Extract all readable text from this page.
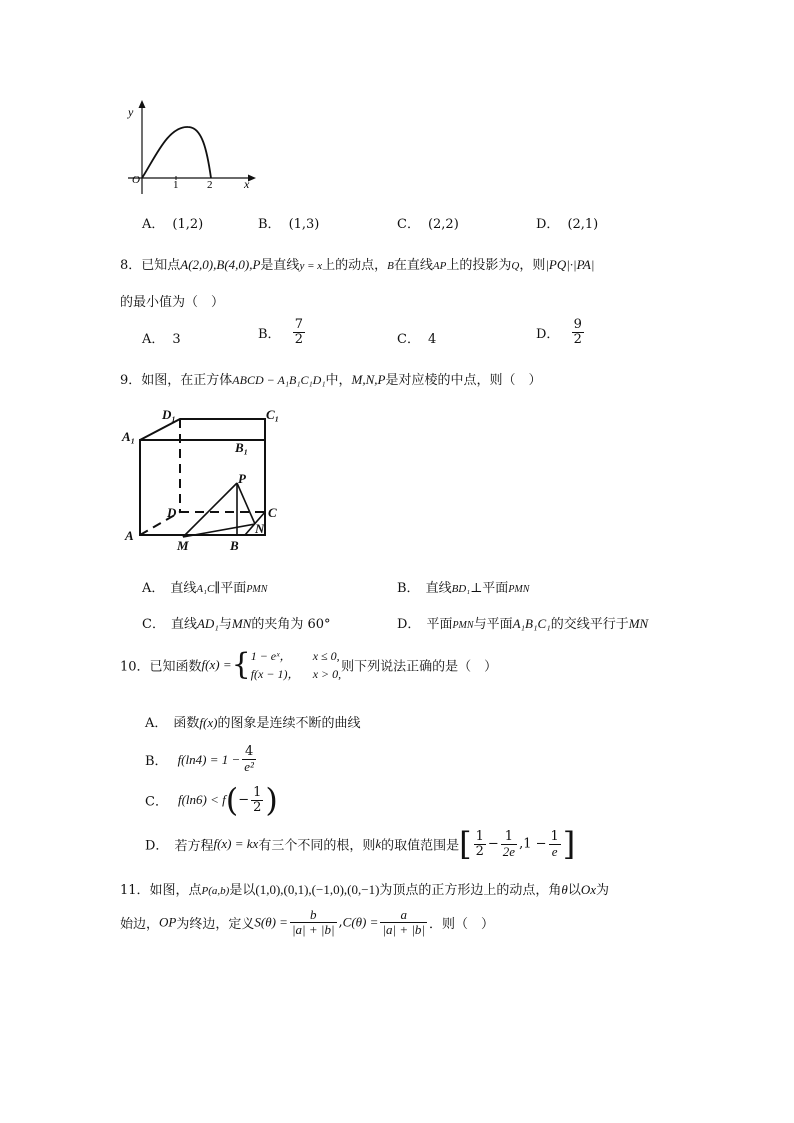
y
O	1	2	x
A． (1,2)	B． (1,3)	C． (2,2)	D． (2,1)
8．已知点A(2,0),B(4,0),P是直线y = x上的动点，B在直线AP上的投影为Q，则|PQ|·|PA|
的最小值为（　）
A． 3	B． $\frac{7}{2}$	C． 4	D． $\frac{9}{2}$
9．如图，在正方体ABCD − A₁B₁C₁D₁中，M,N,P是对应棱的中点，则（　）
D₁	C₁
A₁
B₁
P
D	C
N
A
M	B
A． 直线A₁C∥平面PMN	B． 直线BD₁⊥平面PMN
C． 直线AD₁与MN的夹角为 60°	D． 平面PMN与平面A₁B₁C₁的交线平行于MN
10．已知函数f(x) ={ 1 − eˣ， x ≤ 0,
f(x − 1)， x > 0, 则下列说法正确的是（　）
A． 函数f(x)的图象是连续不断的曲线
B． $f(\ln 4) = 1 - \frac{4}{\text{e²}}$
C． $f(\ln 6) < f(- \frac{1}{2}$ )
D． 若方程f(x) = kx有三个不同的根，则k的取值范围是[ $\frac{1}{2} - \frac{1}{2e} ,1 - \frac{1}{e}$ ]
11．如图，点P(a,b)是以(1,0),(0,1),(−1,0),(0,−1)为顶点的正方形边上的动点，角θ以Ox为
始边，OP为终边，定义$S(\theta) = \frac{b}{|a| + |b|} ,C(\theta) = \frac{a}{|a| + |b|}$ ．则（　）
